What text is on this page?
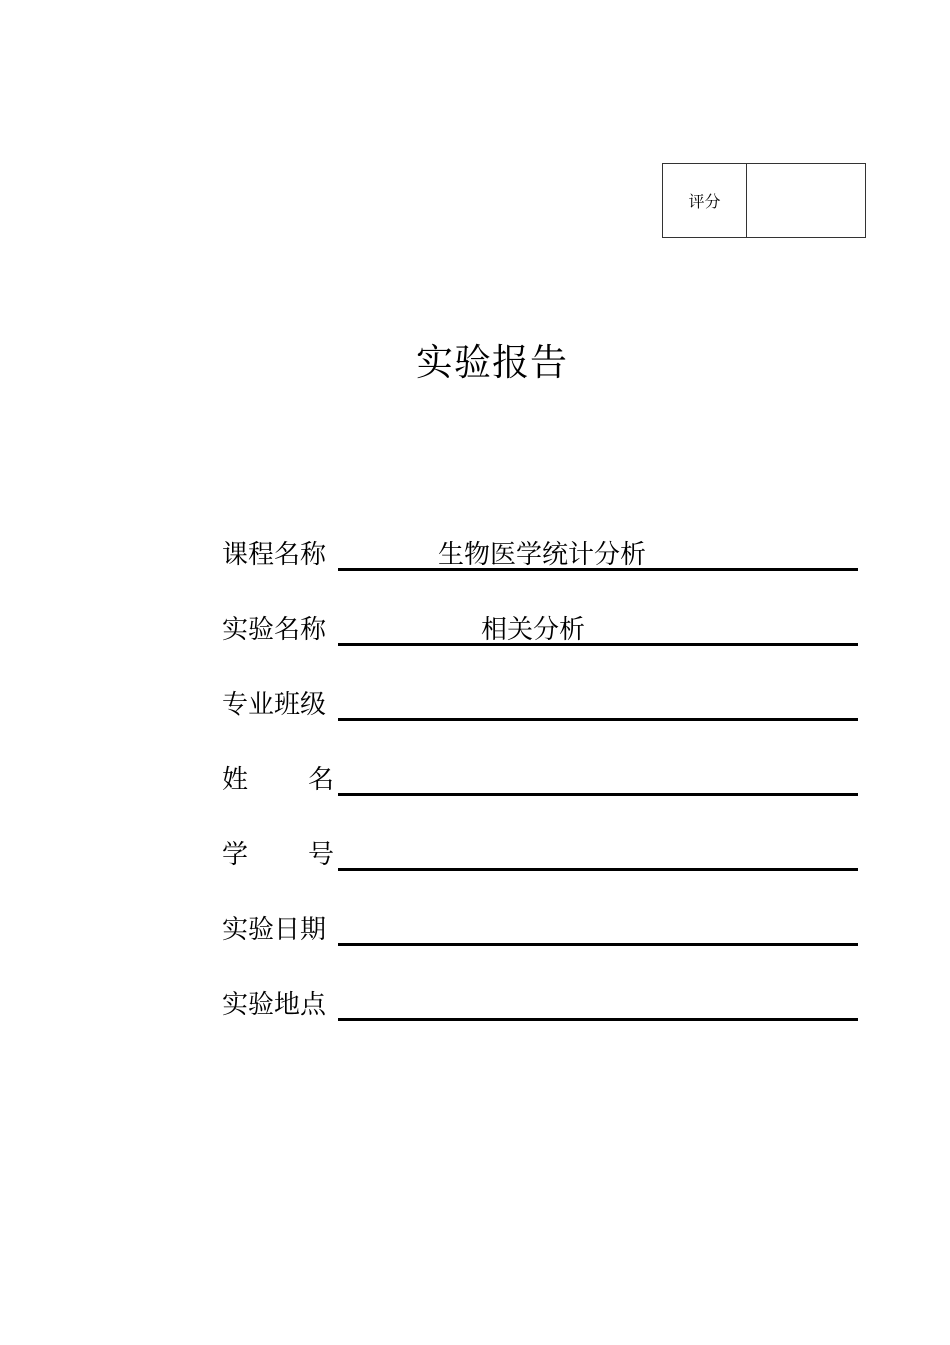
评分
实验报告
课程名称	生物医学统计分析
实验名称	相关分析
专业班级
姓 名
学 号
实验日期
实验地点
